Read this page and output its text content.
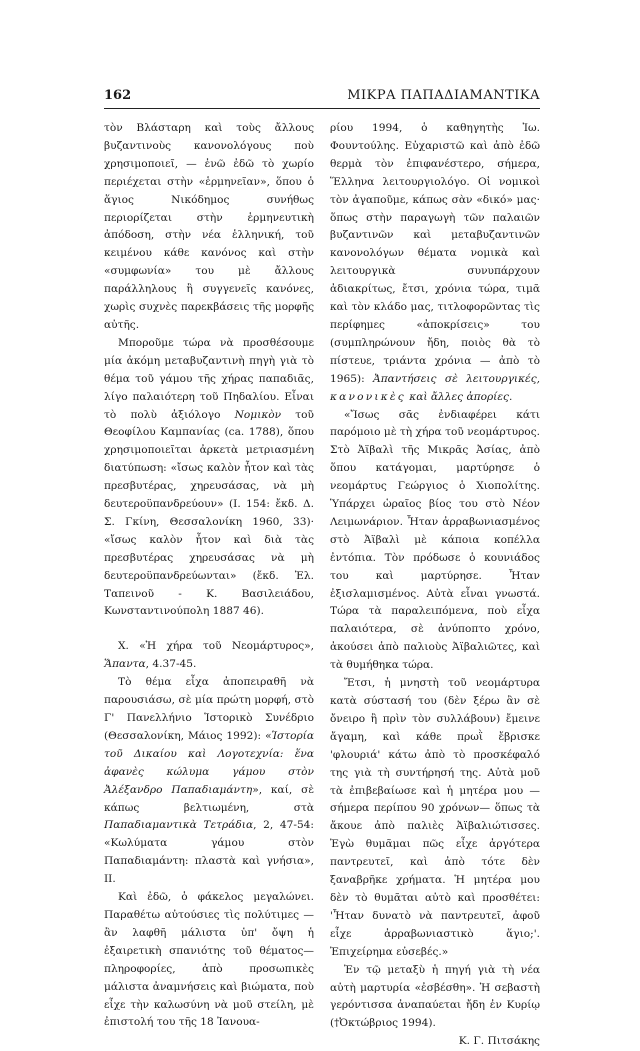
162	ΜΙΚΡΑ ΠΑΠΑΔΙΑΜΑΝΤΙΚΑ

τὸν Βλάσταρη καὶ τοὺς ἄλλους βυζαντινοὺς κανονολόγους ποὺ χρησιμοποιεῖ, — ἐνῶ ἐδῶ τὸ χωρίο περιέχεται στὴν «ἑρμηνεῖαν», ὅπου ὁ ἅγιος Νικόδημος συνήθως περιορίζεται στὴν ἑρμηνευτικὴ ἀπόδοση, στὴν νέα ἑλληνική, τοῦ κειμένου κάθε κανόνος καὶ στὴν «συμφωνία» του μὲ ἄλλους παράλληλους ἢ συγγενεῖς κανόνες, χωρὶς συχνὲς παρεκβάσεις τῆς μορφῆς αὐτῆς.

Μποροῦμε τώρα νὰ προσθέσουμε μία ἀκόμη μεταβυζαντινὴ πηγὴ γιὰ τὸ θέμα τοῦ γάμου τῆς χήρας παπαδιᾶς, λίγο παλαιότερη τοῦ Πηδαλίου. Εἶναι τὸ πολὺ ἀξιόλογο Νομικὸν τοῦ Θεοφίλου Καμπανίας (ca. 1788), ὅπου χρησιμοποιεῖται ἀρκετὰ μετριασμένη διατύπωση: «ἴσως καλὸν ἦτον καὶ τὰς πρεσβυτέρας, χηρευσάσας, νὰ μὴ δευτεροϋπανδρεύουν» (I. 154: ἔκδ. Δ. Σ. Γκίνη, Θεσσαλονίκη 1960, 33)· «ἴσως καλὸν ἦτον καὶ διὰ τὰς πρεσβυτέρας χηρευσάσας νὰ μὴ δευτεροϋπανδρεύωνται» (ἔκδ. Ἐλ. Ταπεινοῦ - Κ. Βασιλειάδου, Κωνσταντινούπολη 1887 46).

X. «Ἡ χήρα τοῦ Νεομάρτυρος», Ἅπαντα, 4.37-45.

Τὸ θέμα εἶχα ἀποπειραθῆ νὰ παρουσιάσω, σὲ μία πρώτη μορφή, στὸ Γ' Πανελλήνιο Ἱστορικὸ Συνέδριο (Θεσσαλονίκη, Μάιος 1992): «Ἱστορία τοῦ Δικαίου καὶ Λογοτεχνία: ἕνα ἀφανὲς κώλυμα γάμου στὸν Ἀλέξανδρο Παπαδιαμάντη», καί, σὲ κάπως βελτιωμένη, στὰ Παπαδιαμαντικὰ Τετράδια, 2, 47-54: «Κωλύματα γάμου στὸν Παπαδιαμάντη: πλαστὰ καὶ γνήσια», II.

Καὶ ἐδῶ, ὁ φάκελος μεγαλώνει. Παραθέτω αὐτούσιες τὶς πολύτιμες —ἂν λαφθῆ μάλιστα ὑπ' ὄψη ἡ ἐξαιρετικὴ σπανιότης τοῦ θέματος— πληροφορίες, ἀπὸ προσωπικὲς μάλιστα ἀναμνήσεις καὶ βιώματα, ποὺ εἶχε τὴν καλωσύνη νὰ μοῦ στείλη, μὲ ἐπιστολή του τῆς 18 Ἰανουα-

ρίου 1994, ὁ καθηγητὴς Ἰω. Φουντούλης. Εὐχαριστῶ καὶ ἀπὸ ἐδῶ θερμὰ τὸν ἐπιφανέστερο, σήμερα, Ἕλληνα λειτουργιολόγο. Οἱ νομικοὶ τὸν ἀγαποῦμε, κάπως σὰν «δικό» μας· ὅπως στὴν παραγωγὴ τῶν παλαιῶν βυζαντινῶν καὶ μεταβυζαντινῶν κανονολόγων θέματα νομικὰ καὶ λειτουργικὰ συνυπάρχουν ἀδιακρίτως, ἔτσι, χρόνια τώρα, τιμᾶ καὶ τὸν κλάδο μας, τιτλοφορῶντας τὶς περίφημες «ἀποκρίσεις» του (συμπληρώνουν ἤδη, ποιὸς θὰ τὸ πίστευε, τριάντα χρόνια — ἀπὸ τὸ 1965): Ἀπαντήσεις σὲ λειτουργικές, κανονικὲς καὶ ἄλλες ἀπορίες.

«Ἴσως σᾶς ἐνδιαφέρει κάτι παρόμοιο μὲ τὴ χήρα τοῦ νεομάρτυρος. Στὸ Ἀϊβαλὶ τῆς Μικρᾶς Ἀσίας, ἀπὸ ὅπου κατάγομαι, μαρτύρησε ὁ νεομάρτυς Γεώργιος ὁ Χιοπολίτης. Ὑπάρχει ὡραῖος βίος του στὸ Νέον Λειμωνάριον. Ἦταν ἀρραβωνιασμένος στὸ Ἀϊβαλὶ μὲ κάποια κοπέλλα ἐντόπια. Τὸν πρόδωσε ὁ κουνιάδος του καὶ μαρτύρησε. Ἦταν ἐξισλαμισμένος. Αὐτὰ εἶναι γνωστά. Τώρα τὰ παραλειπόμενα, ποὺ εἶχα παλαιότερα, σὲ ἀνύποπτο χρόνο, ἀκούσει ἀπὸ παλιοὺς Ἀϊβαλιῶτες, καὶ τὰ θυμήθηκα τώρα.

Ἔτσι, ἡ μνηστὴ τοῦ νεομάρτυρα κατὰ σύστασή του (δὲν ξέρω ἂν σὲ ὄνειρο ἢ πρὶν τὸν συλλάβουν) ἔμεινε ἄγαμη, καὶ κάθε πρωῒ ἔβρισκε 'φλουριά' κάτω ἀπὸ τὸ προσκέφαλό της γιὰ τὴ συντήρησή της. Αὐτὰ μοῦ τὰ ἐπιβεβαίωσε καὶ ἡ μητέρα μου —σήμερα περίπου 90 χρόνων— ὅπως τὰ ἄκουε ἀπὸ παλιὲς Ἀϊβαλιώτισσες. Ἐγὼ θυμᾶμαι πῶς εἶχε ἀργότερα παντρευτεῖ, καὶ ἀπὸ τότε δὲν ξαναβρῆκε χρήματα. Ἡ μητέρα μου δὲν τὸ θυμᾶται αὐτὸ καὶ προσθέτει: 'Ἦταν δυνατὸ νὰ παντρευτεῖ, ἀφοῦ εἶχε ἀρραβωνιαστικὸ ἅγιο;'. Ἐπιχείρημα εὐσεβές.»

Ἐν τῷ μεταξὺ ἡ πηγή γιὰ τὴ νέα αὐτὴ μαρτυρία «ἐσβέσθη». Ἡ σεβαστὴ γερόντισσα ἀναπαύεται ἤδη ἐν Κυρίῳ (†Ὀκτώβριος 1994).

Κ. Γ. Πιτσάκης
